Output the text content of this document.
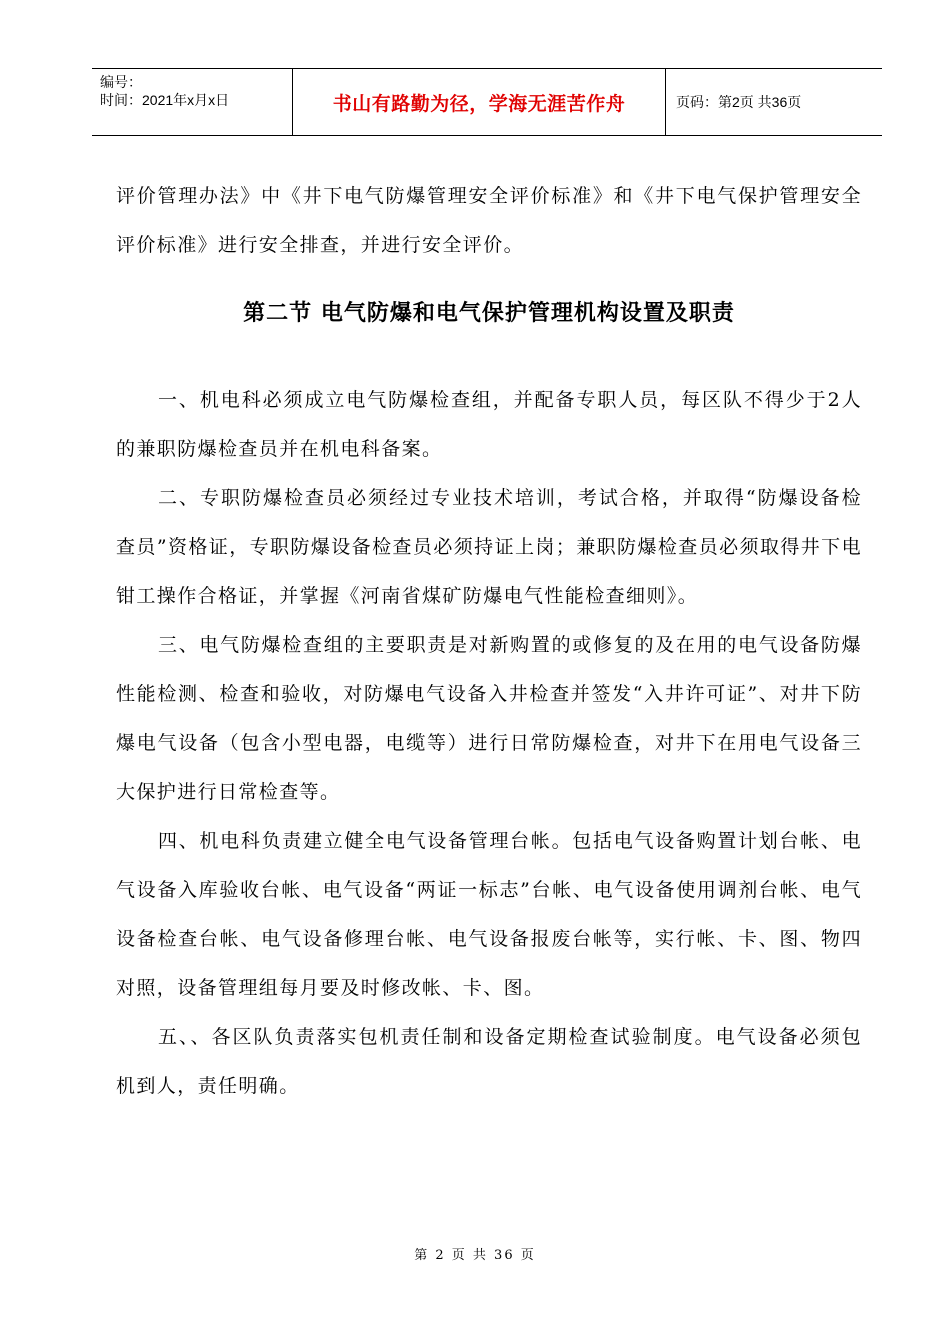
编号：
时间：2021年x月x日	书山有路勤为径，学海无涯苦作舟	页码：第2页 共36页

评价管理办法》中《井下电气防爆管理安全评价标准》和《井下电气保护管理安全评价标准》进行安全排查，并进行安全评价。

第二节 电气防爆和电气保护管理机构设置及职责

一、机电科必须成立电气防爆检查组，并配备专职人员，每区队不得少于2人的兼职防爆检查员并在机电科备案。

二、专职防爆检查员必须经过专业技术培训，考试合格，并取得“防爆设备检查员”资格证，专职防爆设备检查员必须持证上岗；兼职防爆检查员必须取得井下电钳工操作合格证，并掌握《河南省煤矿防爆电气性能检查细则》。

三、电气防爆检查组的主要职责是对新购置的或修复的及在用的电气设备防爆性能检测、检查和验收，对防爆电气设备入井检查并签发“入井许可证”、对井下防爆电气设备（包含小型电器，电缆等）进行日常防爆检查，对井下在用电气设备三大保护进行日常检查等。

四、机电科负责建立健全电气设备管理台帐。包括电气设备购置计划台帐、电气设备入库验收台帐、电气设备“两证一标志”台帐、电气设备使用调剂台帐、电气设备检查台帐、电气设备修理台帐、电气设备报废台帐等，实行帐、卡、图、物四对照，设备管理组每月要及时修改帐、卡、图。

五、、各区队负责落实包机责任制和设备定期检查试验制度。电气设备必须包机到人，责任明确。

第 2 页 共 36 页
